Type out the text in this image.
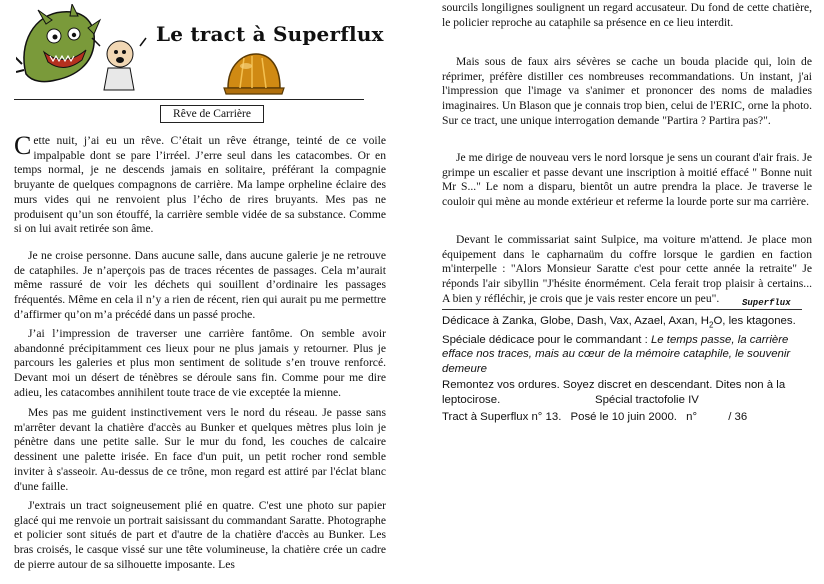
Le tract à Superflux
Rêve de Carrière

Cette nuit, j’ai eu un rêve. C’était un rêve étrange, teinté de ce voile impalpable dont se pare l’irréel. J’erre seul dans les catacombes. Or en temps normal, je ne descends jamais en solitaire, préférant la compagnie bruyante de quelques compagnons de carrière. Ma lampe orpheline éclaire des murs vides qui ne renvoient plus l’écho de rires bruyants. Mes pas ne produisent qu’un son étouffé, la carrière semble vidée de sa substance. Comme si on lui avait retirée son âme.

Je ne croise personne. Dans aucune salle, dans aucune galerie je ne retrouve de cataphiles. Je n’aperçois pas de traces récentes de passages. Cela m’aurait même rassuré de voir les déchets qui souillent d’ordinaire les passages fréquentés. Même en cela il n’y a rien de récent, rien qui aurait pu me permettre d’affirmer qu’on m’a précédé dans un passé proche.

J’ai l’impression de traverser une carrière fantôme. On semble avoir abandonné précipitamment ces lieux pour ne plus jamais y retourner. Plus je parcours les galeries et plus mon sentiment de solitude s’en trouve renforcé. Devant moi un désert de ténèbres se déroule sans fin. Comme pour me dire adieu, les catacombes annihilent toute trace de vie exceptée la mienne.

Mes pas me guident instinctivement vers le nord du réseau. Je passe sans m'arrêter devant la chatière d'accès au Bunker et quelques mètres plus loin je pénètre dans une petite salle. Sur le mur du fond, les couches de calcaire dessinent une palette irisée. En face d'un puit, un petit rocher rond semble inviter à s'asseoir. Au-dessus de ce trône, mon regard est attiré par l'éclat blanc d'une faille.

J'extrais un tract soigneusement plié en quatre. C'est une photo sur papier glacé qui me renvoie un portrait saisissant du commandant Saratte. Photographe et policier sont situés de part et d'autre de la chatière d'accès au Bunker. Les bras croisés, le casque vissé sur une tête volumineuse, la chatière crée un cadre de pierre autour de sa silhouette imposante. Les

sourcils longilignes soulignent un regard accusateur. Du fond de cette chatière, le policier reproche au cataphile sa présence en ce lieu interdit.

Mais sous de faux airs sévères se cache un bouda placide qui, loin de réprimer, préfère distiller ces nombreuses recommandations. Un instant, j'ai l'impression que l'image va s'animer et prononcer des noms de maladies imaginaires. Un Blason que je connais trop bien, celui de l'ERIC, orne la photo. Sur ce tract, une unique interrogation demande "Partira ? Partira pas?".

Je me dirige de nouveau vers le nord lorsque je sens un courant d'air frais. Je grimpe un escalier et passe devant une inscription à moitié effacé " Bonne nuit Mr S..." Le nom a disparu, bientôt un autre prendra la place. Je traverse le couloir qui mène au monde extérieur et referme la lourde porte sur ma carrière.

Devant le commissariat saint Sulpice, ma voiture m'attend. Je place mon équipement dans le capharnaüm du coffre lorsque le gardien en faction m'interpelle : "Alors Monsieur Saratte c'est pour cette année la retraite" Je réponds l'air sibyllin "J'hésite énormément. Cela ferait trop plaisir à certains... A bien y réfléchir, je crois que je vais rester encore un peu".	Superflux

Dédicace à Zanka, Globe, Dash, Vax, Azael, Axan, $H_2O$, les ktagones. Spéciale dédicace pour le commandant : Le temps passe, la carrière efface nos traces, mais au cœur de la mémoire cataphile, le souvenir demeure

Remontez vos ordures. Soyez discret en descendant. Dites non à la leptocirose.	Spécial tractofolie IV
Tract à Superflux n° 13. Posé le 10 juin 2000. n°	/ 36
